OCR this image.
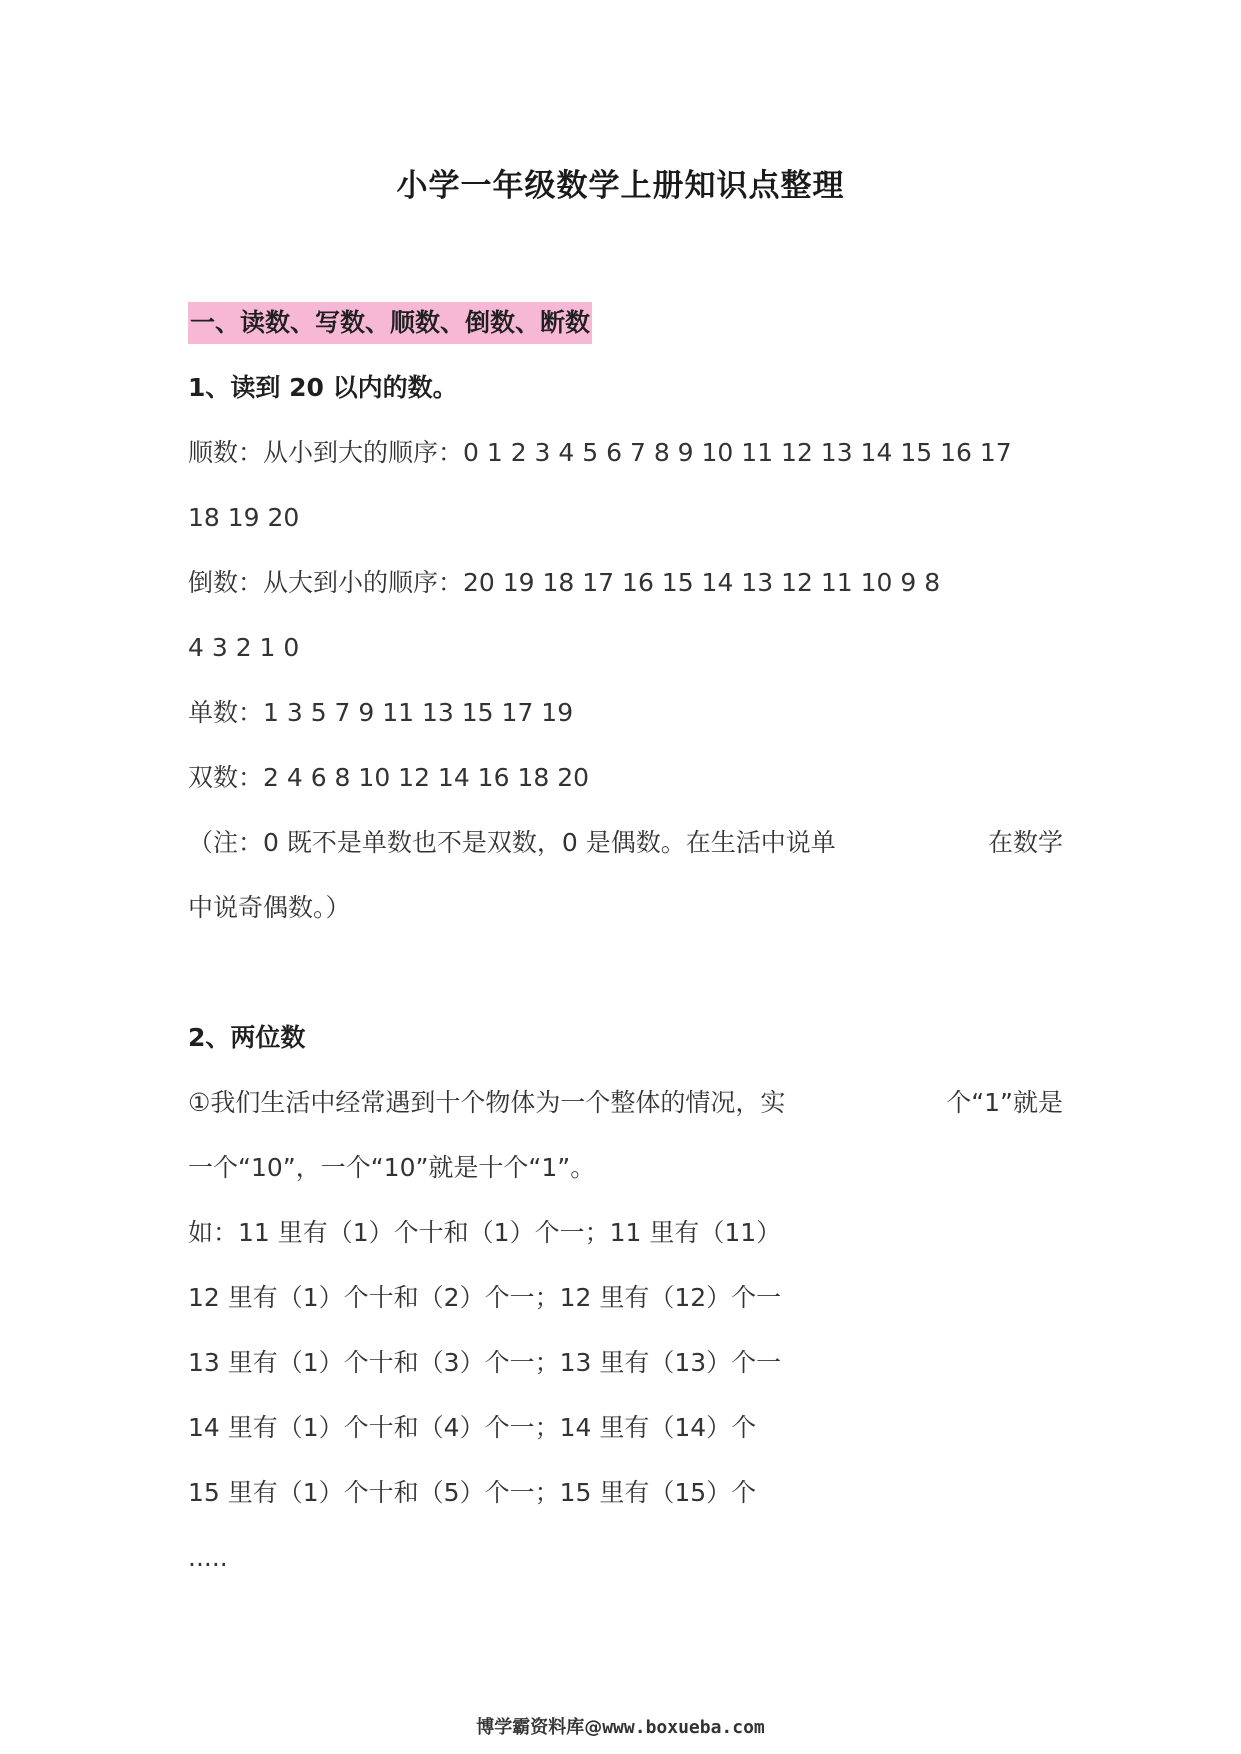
小学一年级数学上册知识点整理
一、读数、写数、顺数、倒数、断数
1、读到 20 以内的数。
顺数：从小到大的顺序：0 1 2 3 4 5 6 7 8 9 10 11 12 13 14 15 16 17
18 19 20
倒数：从大到小的顺序：20 19 18 17 16 15 14 13 12 11 10 9 8
4 3 2 1 0
单数：1 3 5 7 9 11 13 15 17 19
双数：2 4 6 8 10 12 14 16 18 20
（注：0 既不是单数也不是双数，0 是偶数。在生活中说单	在数学
中说奇偶数。）
2、两位数
①我们生活中经常遇到十个物体为一个整体的情况，实	个“1”就是
一个“10”，一个“10”就是十个“1”。
如：11 里有（1）个十和（1）个一；11 里有（11）
12 里有（1）个十和（2）个一；12 里有（12）个一
13 里有（1）个十和（3）个一；13 里有（13）个一
14 里有（1）个十和（4）个一；14 里有（14）个
15 里有（1）个十和（5）个一；15 里有（15）个
.....
博学霸资料库@www.boxueba.com
